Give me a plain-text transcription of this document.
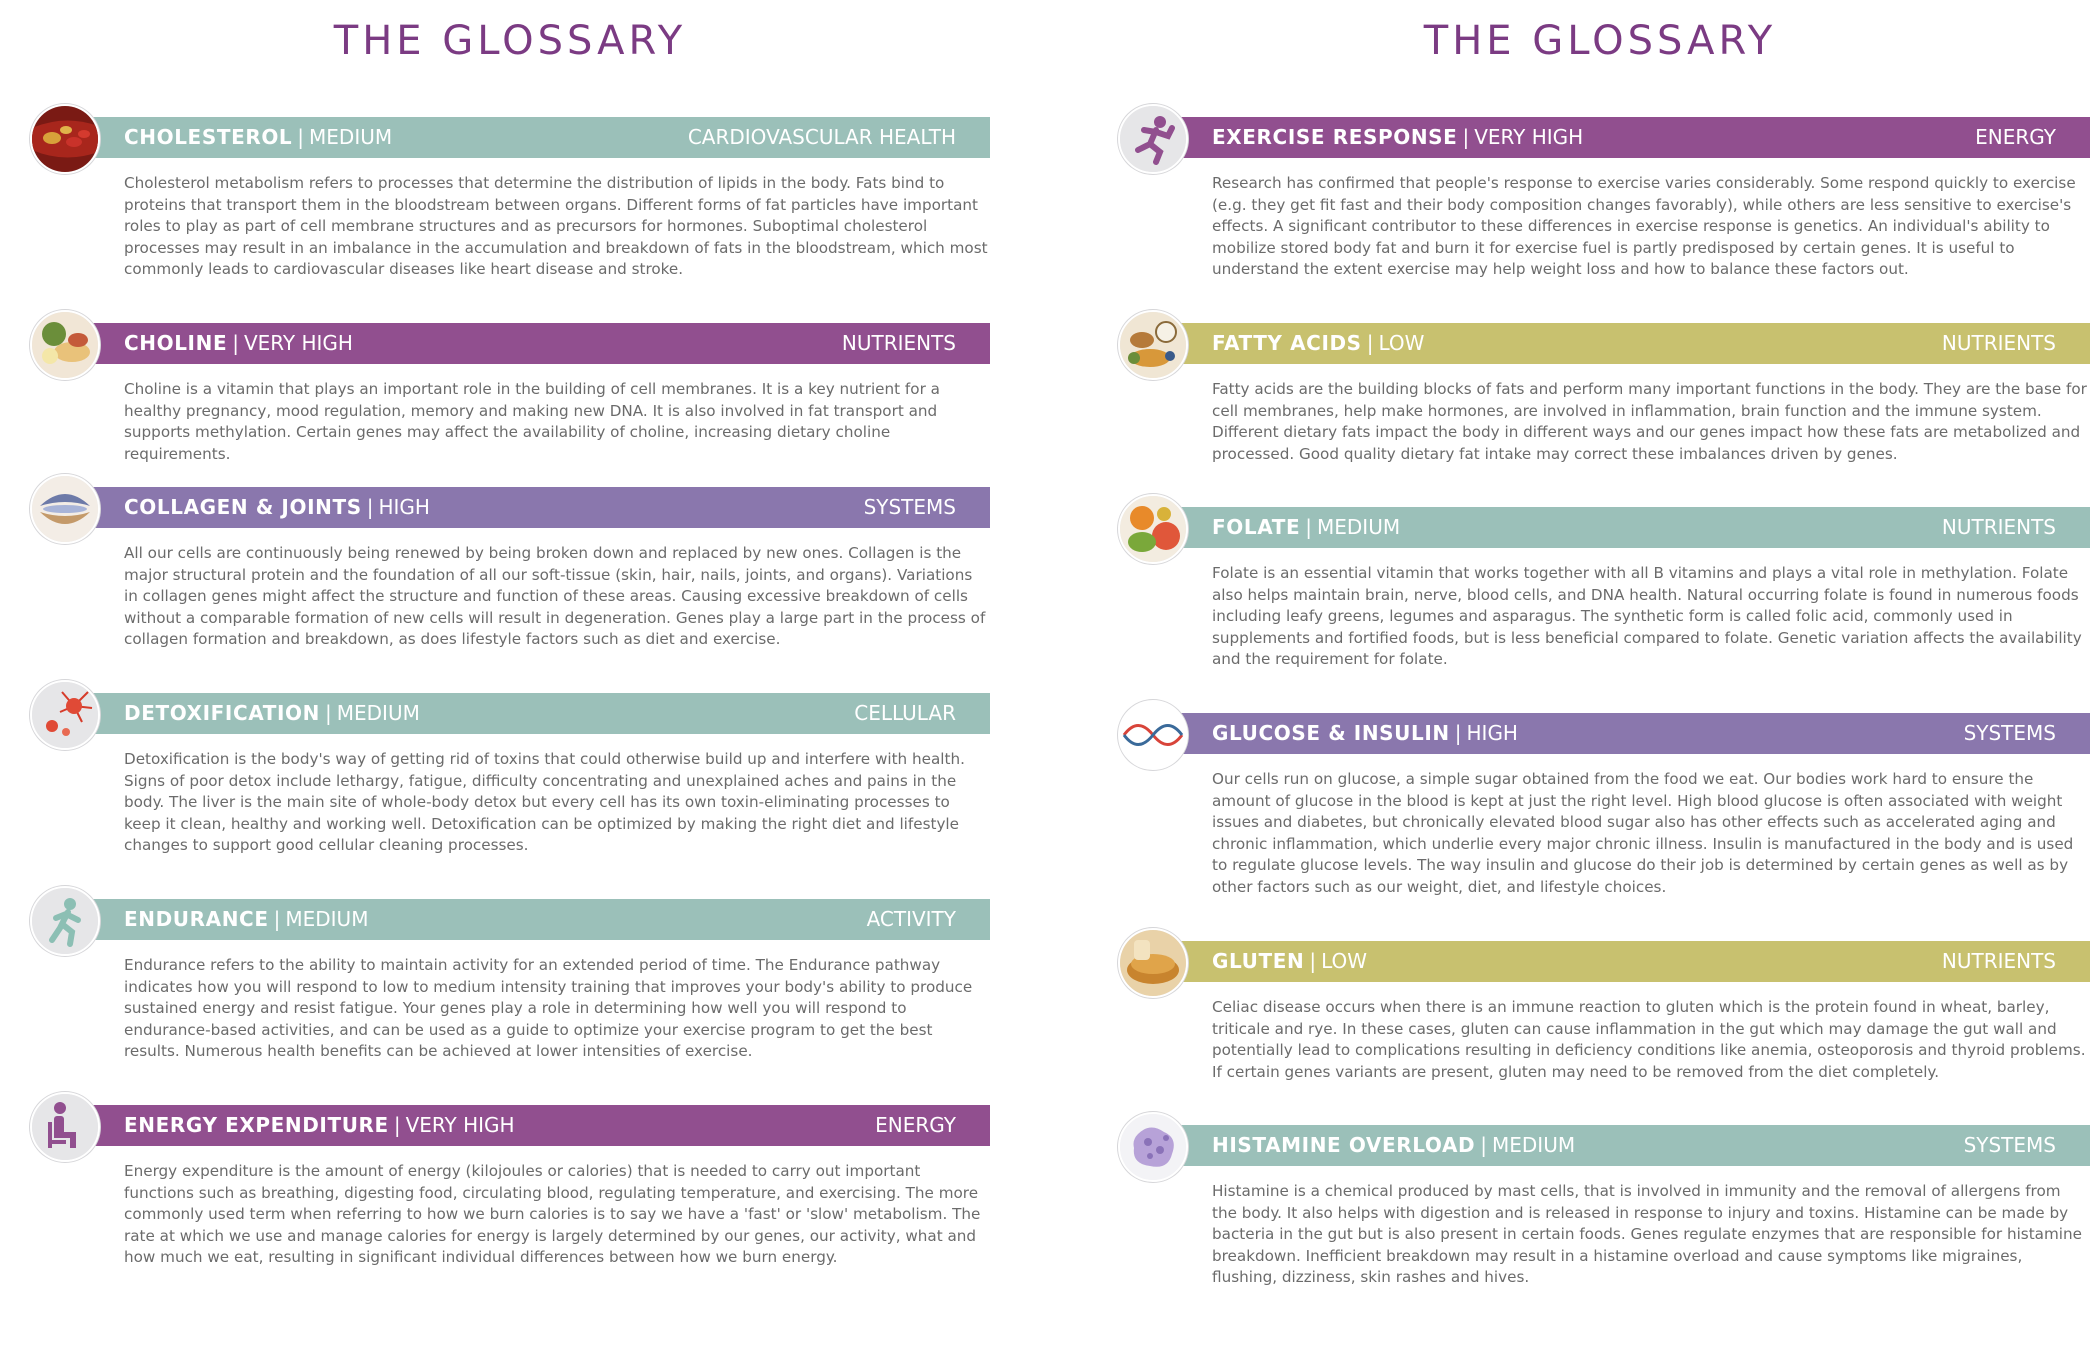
THE GLOSSARY
CHOLESTEROL | MEDIUM	CARDIOVASCULAR HEALTH
Cholesterol metabolism refers to processes that determine the distribution of lipids in the body. Fats bind to proteins that transport them in the bloodstream between organs. Different forms of fat particles have important roles to play as part of cell membrane structures and as precursors for hormones. Suboptimal cholesterol processes may result in an imbalance in the accumulation and breakdown of fats in the bloodstream, which most commonly leads to cardiovascular diseases like heart disease and stroke.
CHOLINE | VERY HIGH	NUTRIENTS
Choline is a vitamin that plays an important role in the building of cell membranes. It is a key nutrient for a healthy pregnancy, mood regulation, memory and making new DNA. It is also involved in fat transport and supports methylation. Certain genes may affect the availability of choline, increasing dietary choline requirements.
COLLAGEN & JOINTS | HIGH	SYSTEMS
All our cells are continuously being renewed by being broken down and replaced by new ones. Collagen is the major structural protein and the foundation of all our soft-tissue (skin, hair, nails, joints, and organs). Variations in collagen genes might affect the structure and function of these areas. Causing excessive breakdown of cells without a comparable formation of new cells will result in degeneration. Genes play a large part in the process of collagen formation and breakdown, as does lifestyle factors such as diet and exercise.
DETOXIFICATION | MEDIUM	CELLULAR
Detoxification is the body's way of getting rid of toxins that could otherwise build up and interfere with health. Signs of poor detox include lethargy, fatigue, difficulty concentrating and unexplained aches and pains in the body. The liver is the main site of whole-body detox but every cell has its own toxin-eliminating processes to keep it clean, healthy and working well. Detoxification can be optimized by making the right diet and lifestyle changes to support good cellular cleaning processes.
ENDURANCE | MEDIUM	ACTIVITY
Endurance refers to the ability to maintain activity for an extended period of time. The Endurance pathway indicates how you will respond to low to medium intensity training that improves your body's ability to produce sustained energy and resist fatigue. Your genes play a role in determining how well you will respond to endurance-based activities, and can be used as a guide to optimize your exercise program to get the best results. Numerous health benefits can be achieved at lower intensities of exercise.
ENERGY EXPENDITURE | VERY HIGH	ENERGY
Energy expenditure is the amount of energy (kilojoules or calories) that is needed to carry out important functions such as breathing, digesting food, circulating blood, regulating temperature, and exercising. The more commonly used term when referring to how we burn calories is to say we have a 'fast' or 'slow' metabolism. The rate at which we use and manage calories for energy is largely determined by our genes, our activity, what and how much we eat, resulting in significant individual differences between how we burn energy.
THE GLOSSARY
EXERCISE RESPONSE | VERY HIGH	ENERGY
Research has confirmed that people's response to exercise varies considerably. Some respond quickly to exercise (e.g. they get fit fast and their body composition changes favorably), while others are less sensitive to exercise's effects. A significant contributor to these differences in exercise response is genetics. An individual's ability to mobilize stored body fat and burn it for exercise fuel is partly predisposed by certain genes. It is useful to understand the extent exercise may help weight loss and how to balance these factors out.
FATTY ACIDS | LOW	NUTRIENTS
Fatty acids are the building blocks of fats and perform many important functions in the body. They are the base for cell membranes, help make hormones, are involved in inflammation, brain function and the immune system. Different dietary fats impact the body in different ways and our genes impact how these fats are metabolized and processed. Good quality dietary fat intake may correct these imbalances driven by genes.
FOLATE | MEDIUM	NUTRIENTS
Folate is an essential vitamin that works together with all B vitamins and plays a vital role in methylation. Folate also helps maintain brain, nerve, blood cells, and DNA health. Natural occurring folate is found in numerous foods including leafy greens, legumes and asparagus. The synthetic form is called folic acid, commonly used in supplements and fortified foods, but is less beneficial compared to folate. Genetic variation affects the availability and the requirement for folate.
GLUCOSE & INSULIN | HIGH	SYSTEMS
Our cells run on glucose, a simple sugar obtained from the food we eat. Our bodies work hard to ensure the amount of glucose in the blood is kept at just the right level. High blood glucose is often associated with weight issues and diabetes, but chronically elevated blood sugar also has other effects such as accelerated aging and chronic inflammation, which underlie every major chronic illness. Insulin is manufactured in the body and is used to regulate glucose levels. The way insulin and glucose do their job is determined by certain genes as well as by other factors such as our weight, diet, and lifestyle choices.
GLUTEN | LOW	NUTRIENTS
Celiac disease occurs when there is an immune reaction to gluten which is the protein found in wheat, barley, triticale and rye. In these cases, gluten can cause inflammation in the gut which may damage the gut wall and potentially lead to complications resulting in deficiency conditions like anemia, osteoporosis and thyroid problems. If certain genes variants are present, gluten may need to be removed from the diet completely.
HISTAMINE OVERLOAD | MEDIUM	SYSTEMS
Histamine is a chemical produced by mast cells, that is involved in immunity and the removal of allergens from the body. It also helps with digestion and is released in response to injury and toxins. Histamine can be made by bacteria in the gut but is also present in certain foods. Genes regulate enzymes that are responsible for histamine breakdown. Inefficient breakdown may result in a histamine overload and cause symptoms like migraines, flushing, dizziness, skin rashes and hives.
